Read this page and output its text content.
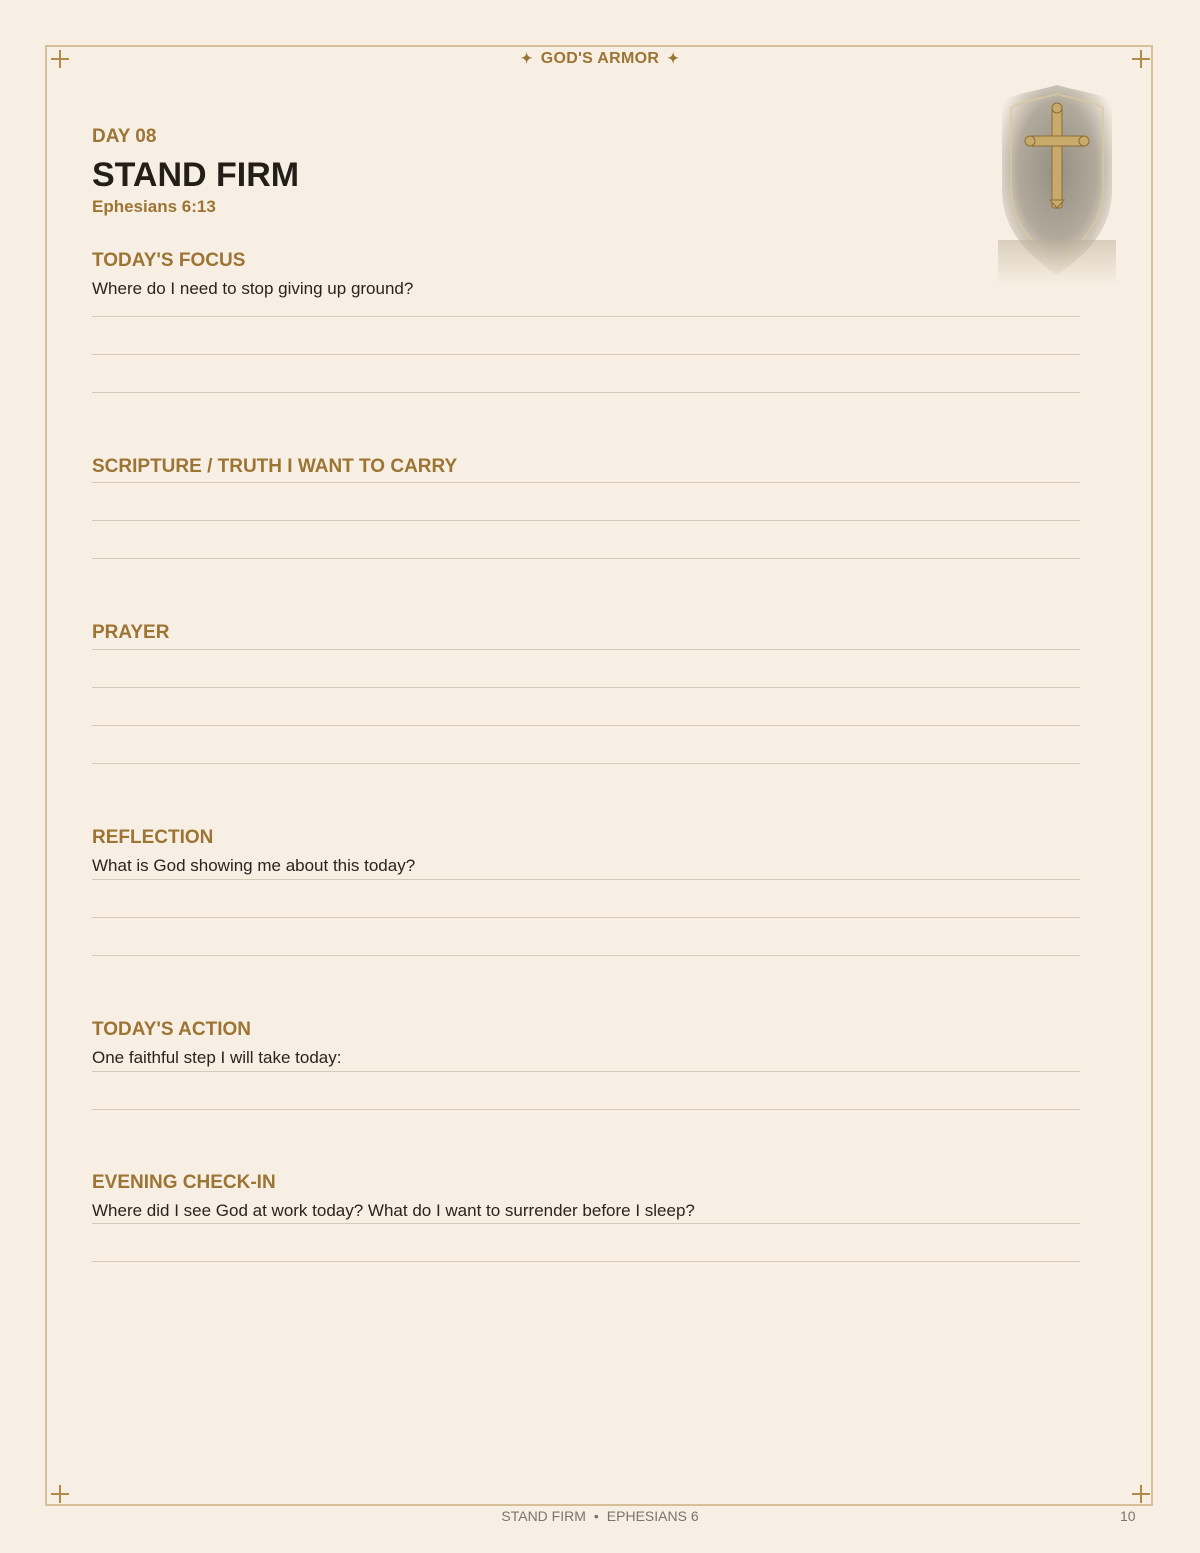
✦ GOD'S ARMOR ✦
DAY 08
STAND FIRM
Ephesians 6:13
TODAY'S FOCUS
Where do I need to stop giving up ground?
SCRIPTURE / TRUTH I WANT TO CARRY
PRAYER
REFLECTION
What is God showing me about this today?
TODAY'S ACTION
One faithful step I will take today:
EVENING CHECK-IN
Where did I see God at work today? What do I want to surrender before I sleep?
STAND FIRM • EPHESIANS 6	10
